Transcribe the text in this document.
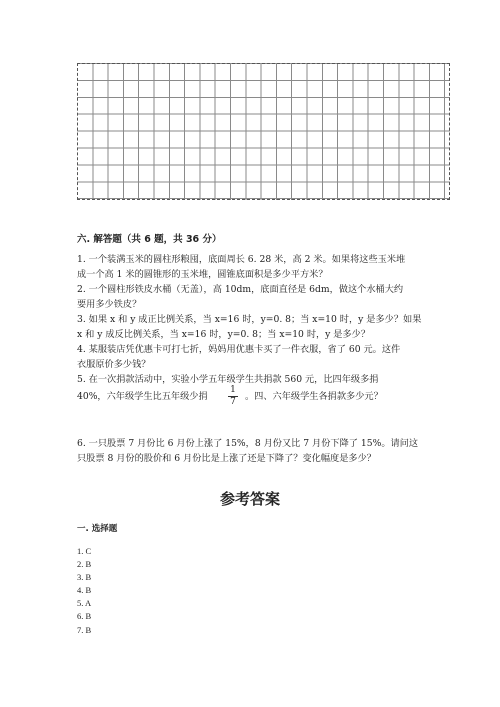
六. 解答题（共 6 题，共 36 分）
1. 一个装满玉米的圆柱形粮囤，底面周长 6. 28 米，高 2 米。如果将这些玉米堆
成一个高 1 米的圆锥形的玉米堆，圆锥底面积是多少平方米？
2. 一个圆柱形铁皮水桶（无盖），高 10dm，底面直径是 6dm，做这个水桶大约
要用多少铁皮？
3. 如果 x 和 y 成正比例关系，当 x=16 时，y=0. 8；当 x=10 时，y 是多少？如果
x 和 y 成反比例关系，当 x=16 时，y=0. 8；当 x=10 时，y 是多少？
4. 某服装店凭优惠卡可打七折，妈妈用优惠卡买了一件衣服，省了 60 元。这件
衣服原价多少钱？
5. 在一次捐款活动中，实验小学五年级学生共捐款 560 元，比四年级多捐
40%，六年级学生比五年级少捐 $\frac{1}{7}$ 。四、六年级学生各捐款多少元？
6. 一只股票 7 月份比 6 月份上涨了 15%，8 月份又比 7 月份下降了 15%。请问这
只股票 8 月份的股价和 6 月份比是上涨了还是下降了？变化幅度是多少？
参考答案
一. 选择题
1. C
2. B
3. B
4. B
5. A
6. B
7. B
